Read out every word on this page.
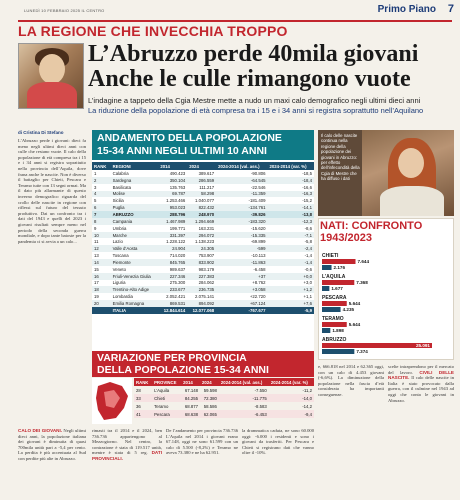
LUNEDÌ 10 FEBBRAIO 2025 IL CENTRO	Primo Piano 7
LA REGIONE CHE INVECCHIA TROPPO
L’Abruzzo perde 40mila giovani
Anche le culle rimangono vuote
L’indagine a tappeto della Cgia Mestre mette a nudo un maxi calo demografico negli ultimi dieci anni
La riduzione della popolazione di età compresa tra i 15 e i 34 anni si registra soprattutto nell’Aquilano
di Cristina Di Stefano
L’Abruzzo perde i giovani: dieci fa meno negli ultimi dieci anni con culle che restano vuote. Il calo della popolazione di età compresa tra i 15 e i 34 anni si registra soprattutto nella provincia dell’Aquila, dove frana anche le nascite. Non è diverso il battaglio per Chieti, Pescara e Teramo tutte con 13 segni ormai. Ma il dato più allarmante di questo inverno demografico riguarda del crollo delle nascite in regione con riflessi sul futuro del tessuto produttivo. Dai un confronto tra i dati del 1943 e quelli del 2023 i giovani risultati sempre meno nel periodo della seconda guerra mondiale, e dopo tante batoste per la pandemia ci si avvia a un calo...
CALO DEI GIOVANI. Negli ultimi dieci anni, la popolazione italiana dei giovani è diminuita di quasi 700mila unità pari a -5,4 per cento. La perdita è più accentuata al Sud con perdite più alte in Abruzzo.
ANDAMENTO DELLA POPOLAZIONE
15-34 ANNI NEGLI ULTIMI 10 ANNI
RANK	REGIONI	2014	2024	2024-2014 (val. ass.)	2024-2014 (var. %)
1	Calabria	490.423	389.617	-90.806	-18,5
2	Sardegna	350.104	286.559	-64.545	-18,4
3	Basilicata	135.763	111.217	-22.546	-16,6
4	Molise	69.787	58.298	-11.359	-16,3
5	Sicilia	1.253.466	1.040.077	-181.409	-15,2
6	Puglia	953.023	822.432	-134.761	-14,1
7	ABRUZZO	288.796	248.970	-39.826	-13,8
8	Campania	1.467.989	1.294.669	-183.320	-12,3
9	Umbria	199.771	163.231	-15.620	-8,6
10	Marche	331.397	294.072	-15.335	-7,1
11	Lazio	1.228.122	1.138.223	-69.899	-5,8
12	Valle d’Aosta	24.904	24.305	-599	-2,4
13	Toscana	714.020	753.907	-10.113	-1,4
14	Piemonte	845.765	833.902	-11.863	-1,4
15	Veneto	989.637	983.179	-6.458	-0,6
16	Friuli-Venezia Giulia	227.346	227.383	+37	+0,0
17	Liguria	275.300	284.062	+8.762	+3,0
18	Trentino-Alto Adige	233.677	236.735	+3.058	+1,2
19	Lombardia	2.052.421	2.075.141	+22.720	+1,1
20	Emilia Romagna	869.531	894.092	+67.124	+7,6
	ITALIA	12.844.614	12.077.068	-767.677	-5,9
VARIAZIONE PER PROVINCIA
DELLA POPOLAZIONE 15-34 ANNI
RANK	PROVINCE	2014	2024	2024-2014 (val. ass.)	2024-2014 (var. %)
28	L’Aquila	67.148	59.598	-7.550	-11,2
33	Chieti	84.255	72.380	-11.775	-14,0
36	Teramo	68.877	58.586	-8.583	-14,2
41	Pescara	68.638	62.065	-6.453	-9,4
rimasti tra il 2014 e il 2024, ben 736.736 appartengono al Mezzogiorno. Nel centro, la contrazione è stata di 119.517 unità, mentre è stata di 5 reg. DATI PROVINCIALI.
De l’andamento per provincia 736.736 L’Aquila nel 2014 i giovani erano 67.148, oggi ne sono 61.599 con un calo di 5.500 (-8,2%) e Teramo ne aveva 73.380 e ne ha 62.951.
la drammatica caduta, ne sono 60.000 oggi: -6.000 i residenti e sono i giovani da trasferiti. Per Pescara e Chieti si registrano dati che vanno oltre il -10%.
Il calo delle nascite continua nella regione della popolazione dei giovani in Abruzzo: per effetto dell’infecondità della Cgia di Mestre che ha diffuso i dati
NATI: CONFRONTO 1943/2023
CHIETI
7.644
2.176
L’AQUILA
7.368
1.677
PESCARA
5.644
4.235
TERAMO
5.644
1.898
ABRUZZO
25.091
7.374
e, 666.818 nel 2014 e 62.365 oggi, con un calo di 4.453 giovani (-6,6%). La diminuzione della popolazione nella fascia d’età considerata ha importanti conseguenze.
scelte intraprendono per il mercato del lavoro. CIVILI DELLE NASCITE. Il calo delle nascite in Italia è stato provocato dalla guerra, con il culmine nel 1943 ad oggi che conta le giovani in Abruzzo.
